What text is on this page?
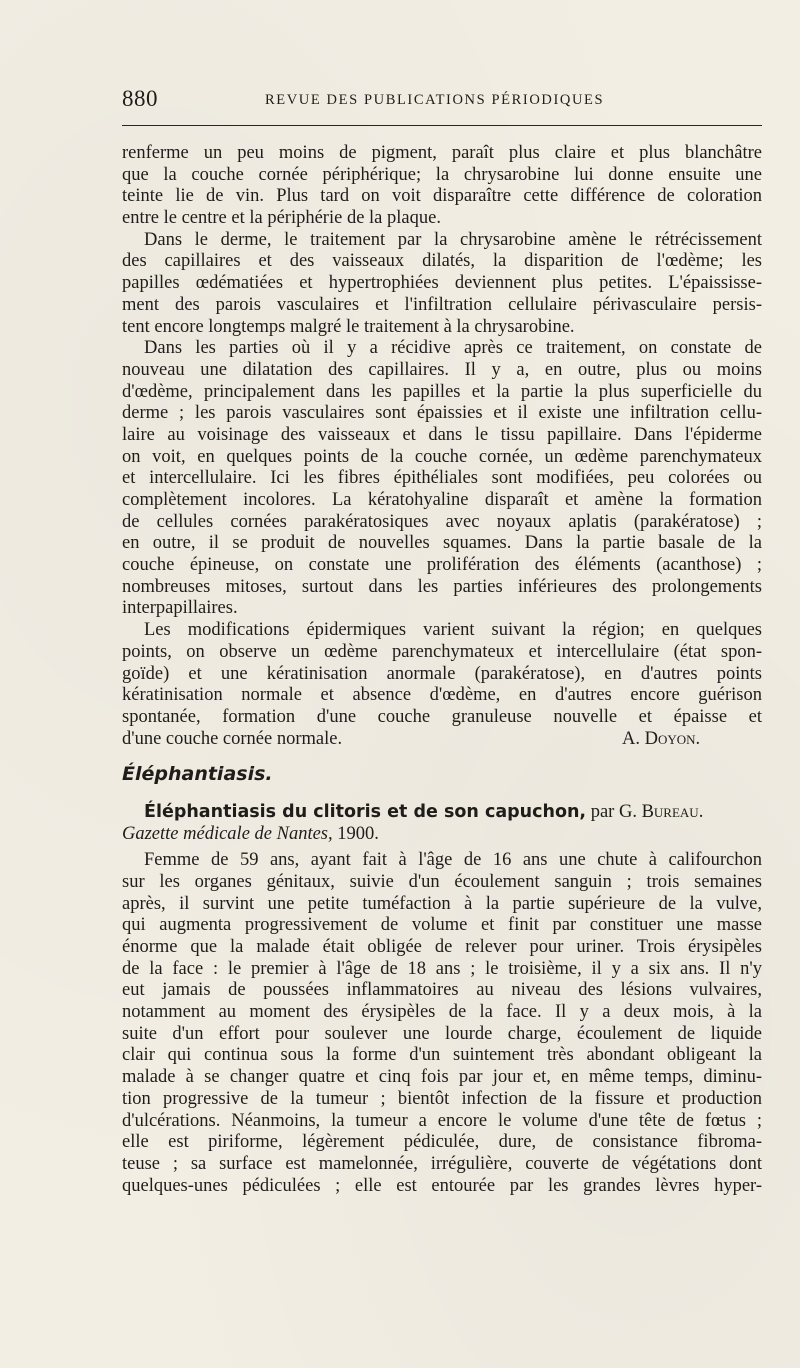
880	REVUE DES PUBLICATIONS PÉRIODIQUES
renferme un peu moins de pigment, paraît plus claire et plus blanchâtre
que la couche cornée périphérique; la chrysarobine lui donne ensuite une
teinte lie de vin. Plus tard on voit disparaître cette différence de coloration
entre le centre et la périphérie de la plaque.
Dans le derme, le traitement par la chrysarobine amène le rétrécissement
des capillaires et des vaisseaux dilatés, la disparition de l'œdème; les
papilles œdématiées et hypertrophiées deviennent plus petites. L'épaississe-
ment des parois vasculaires et l'infiltration cellulaire périvasculaire persis-
tent encore longtemps malgré le traitement à la chrysarobine.
Dans les parties où il y a récidive après ce traitement, on constate de
nouveau une dilatation des capillaires. Il y a, en outre, plus ou moins
d'œdème, principalement dans les papilles et la partie la plus superficielle du
derme ; les parois vasculaires sont épaissies et il existe une infiltration cellu-
laire au voisinage des vaisseaux et dans le tissu papillaire. Dans l'épiderme
on voit, en quelques points de la couche cornée, un œdème parenchymateux
et intercellulaire. Ici les fibres épithéliales sont modifiées, peu colorées ou
complètement incolores. La kératohyaline disparaît et amène la formation
de cellules cornées parakératosiques avec noyaux aplatis (parakératose) ;
en outre, il se produit de nouvelles squames. Dans la partie basale de la
couche épineuse, on constate une prolifération des éléments (acanthose) ;
nombreuses mitoses, surtout dans les parties inférieures des prolongements
interpapillaires.
Les modifications épidermiques varient suivant la région; en quelques
points, on observe un œdème parenchymateux et intercellulaire (état spon-
goïde) et une kératinisation anormale (parakératose), en d'autres points
kératinisation normale et absence d'œdème, en d'autres encore guérison
spontanée, formation d'une couche granuleuse nouvelle et épaisse et
d'une couche cornée normale.	A. Doyon.
Éléphantiasis.
Éléphantiasis du clitoris et de son capuchon, par G. Bureau.
Gazette médicale de Nantes, 1900.
Femme de 59 ans, ayant fait à l'âge de 16 ans une chute à califourchon
sur les organes génitaux, suivie d'un écoulement sanguin ; trois semaines
après, il survint une petite tuméfaction à la partie supérieure de la vulve,
qui augmenta progressivement de volume et finit par constituer une masse
énorme que la malade était obligée de relever pour uriner. Trois érysipèles
de la face : le premier à l'âge de 18 ans ; le troisième, il y a six ans. Il n'y
eut jamais de poussées inflammatoires au niveau des lésions vulvaires,
notamment au moment des érysipèles de la face. Il y a deux mois, à la
suite d'un effort pour soulever une lourde charge, écoulement de liquide
clair qui continua sous la forme d'un suintement très abondant obligeant la
malade à se changer quatre et cinq fois par jour et, en même temps, diminu-
tion progressive de la tumeur ; bientôt infection de la fissure et production
d'ulcérations. Néanmoins, la tumeur a encore le volume d'une tête de fœtus ;
elle est piriforme, légèrement pédiculée, dure, de consistance fibroma-
teuse ; sa surface est mamelonnée, irrégulière, couverte de végétations dont
quelques-unes pédiculées ; elle est entourée par les grandes lèvres hyper-
